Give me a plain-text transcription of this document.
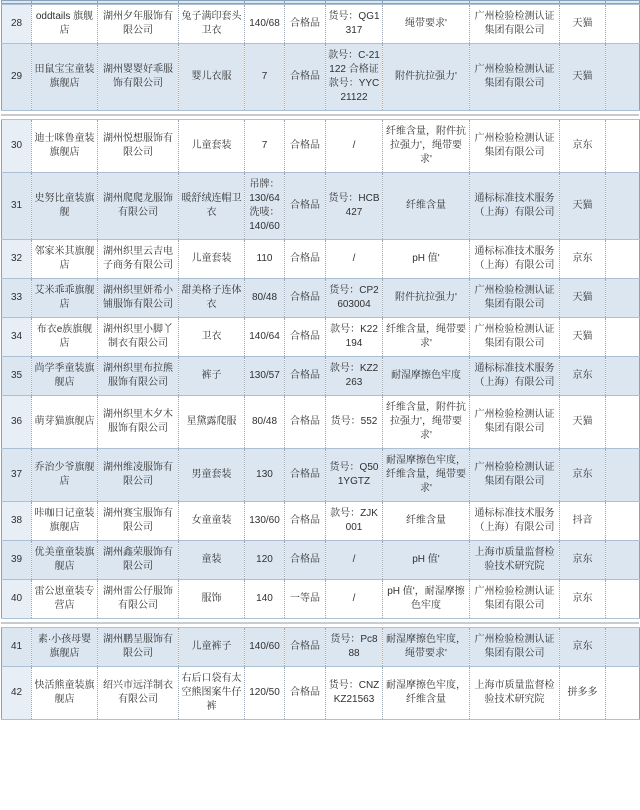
28	oddtails 旗舰店	湖州夕年服饰有限公司	兔子满印套头卫衣	140/68	合格品	货号：QG1317	绳带要求'	广州检验检测认证集团有限公司	天猫	
29	田鼠宝宝童装旗舰店	湖州婴婴好乖服饰有限公司	婴儿衣服	7	合格品	款号：C-21122 合格证款号：YYC21122	附件抗拉强力'	广州检验检测认证集团有限公司	天猫	
30	迪士咪鲁童装旗舰店	湖州悦想服饰有限公司	儿童套装	7	合格品	/	纤维含量，附件抗拉强力'，绳带要求'	广州检验检测认证集团有限公司	京东	
31	史努比童装旗舰	湖州爬爬龙服饰有限公司	暖舒绒连帽卫衣	吊牌：130/64 洗唛：140/60	合格品	货号：HCB427	纤维含量	通标标准技术服务（上海）有限公司	天猫	
32	邻家米其旗舰店	湖州织里云吉电子商务有限公司	儿童套装	110	合格品	/	pH 值'	通标标准技术服务（上海）有限公司	京东	
33	艾米乖乖旗舰店	湖州织里妍希小铺服饰有限公司	甜美格子连体衣	80/48	合格品	货号：CP2603004	附件抗拉强力'	广州检验检测认证集团有限公司	天猫	
34	布衣e族旗舰店	湖州织里小脚丫制衣有限公司	卫衣	140/64	合格品	款号：K22194	纤维含量，绳带要求'	广州检验检测认证集团有限公司	天猫	
35	尚学季童装旗舰店	湖州织里布拉熊服饰有限公司	裤子	130/57	合格品	款号：KZ2263	耐湿摩擦色牢度	通标标准技术服务（上海）有限公司	京东	
36	萌芽猫旗舰店	湖州织里木夕木服饰有限公司	星黛露爬服	80/48	合格品	货号：552	纤维含量，附件抗拉强力'，绳带要求'	广州检验检测认证集团有限公司	天猫	
37	乔治少爷旗舰店	湖州维凌服饰有限公司	男童套装	130	合格品	货号：Q501YGTZ	耐湿摩擦色牢度，纤维含量，绳带要求'	广州检验检测认证集团有限公司	京东	
38	咔咖日记童装旗舰店	湖州赛宝服饰有限公司	女童童装	130/60	合格品	款号：ZJK001	纤维含量	通标标准技术服务（上海）有限公司	抖音	
39	优美童童装旗舰店	湖州鑫荣服饰有限公司	童装	120	合格品	/	pH 值'	上海市质量监督检验技术研究院	京东	
40	雷公崽童装专营店	湖州雷公仔服饰有限公司	服饰	140	一等品	/	pH 值'，耐湿摩擦色牢度	广州检验检测认证集团有限公司	京东	
41	素·小孩母婴旗舰店	湖州鹏呈服饰有限公司	儿童裤子	140/60	合格品	货号：Pc888	耐湿摩擦色牢度，绳带要求'	广州检验检测认证集团有限公司	京东	
42	快活熊童装旗舰店	绍兴市远洋制衣有限公司	右后口袋有太空熊图案牛仔裤	120/50	合格品	货号：CNZKZ21563	耐湿摩擦色牢度，纤维含量	上海市质量监督检验技术研究院	拼多多	
